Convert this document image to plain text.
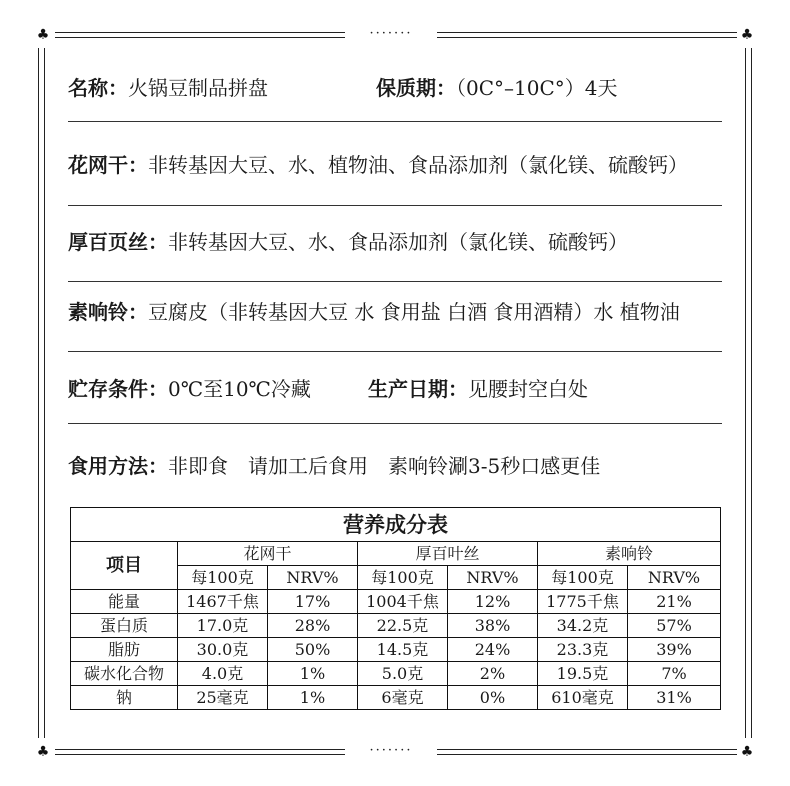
·······
·······
♣	♣
♣	♣
名称：火锅豆制品拼盘	保质期：（0C°–10C°）4天
花网干：非转基因大豆、水、植物油、食品添加剂（氯化镁、硫酸钙）
厚百页丝：非转基因大豆、水、食品添加剂（氯化镁、硫酸钙）
素响铃：豆腐皮（非转基因大豆 水 食用盐 白酒 食用酒精）水 植物油
贮存条件：0℃至10℃冷藏	生产日期：见腰封空白处
食用方法：非即食　请加工后食用　素响铃涮3-5秒口感更佳
营养成分表						
项目	花网干		厚百叶丝		素响铃	
	每100克	NRV%	每100克	NRV%	每100克	NRV%
能量	1467千焦	17%	1004千焦	12%	1775千焦	21%
蛋白质	17.0克	28%	22.5克	38%	34.2克	57%
脂肪	30.0克	50%	14.5克	24%	23.3克	39%
碳水化合物	4.0克	1%	5.0克	2%	19.5克	7%
钠	25毫克	1%	6毫克	0%	610毫克	31%
